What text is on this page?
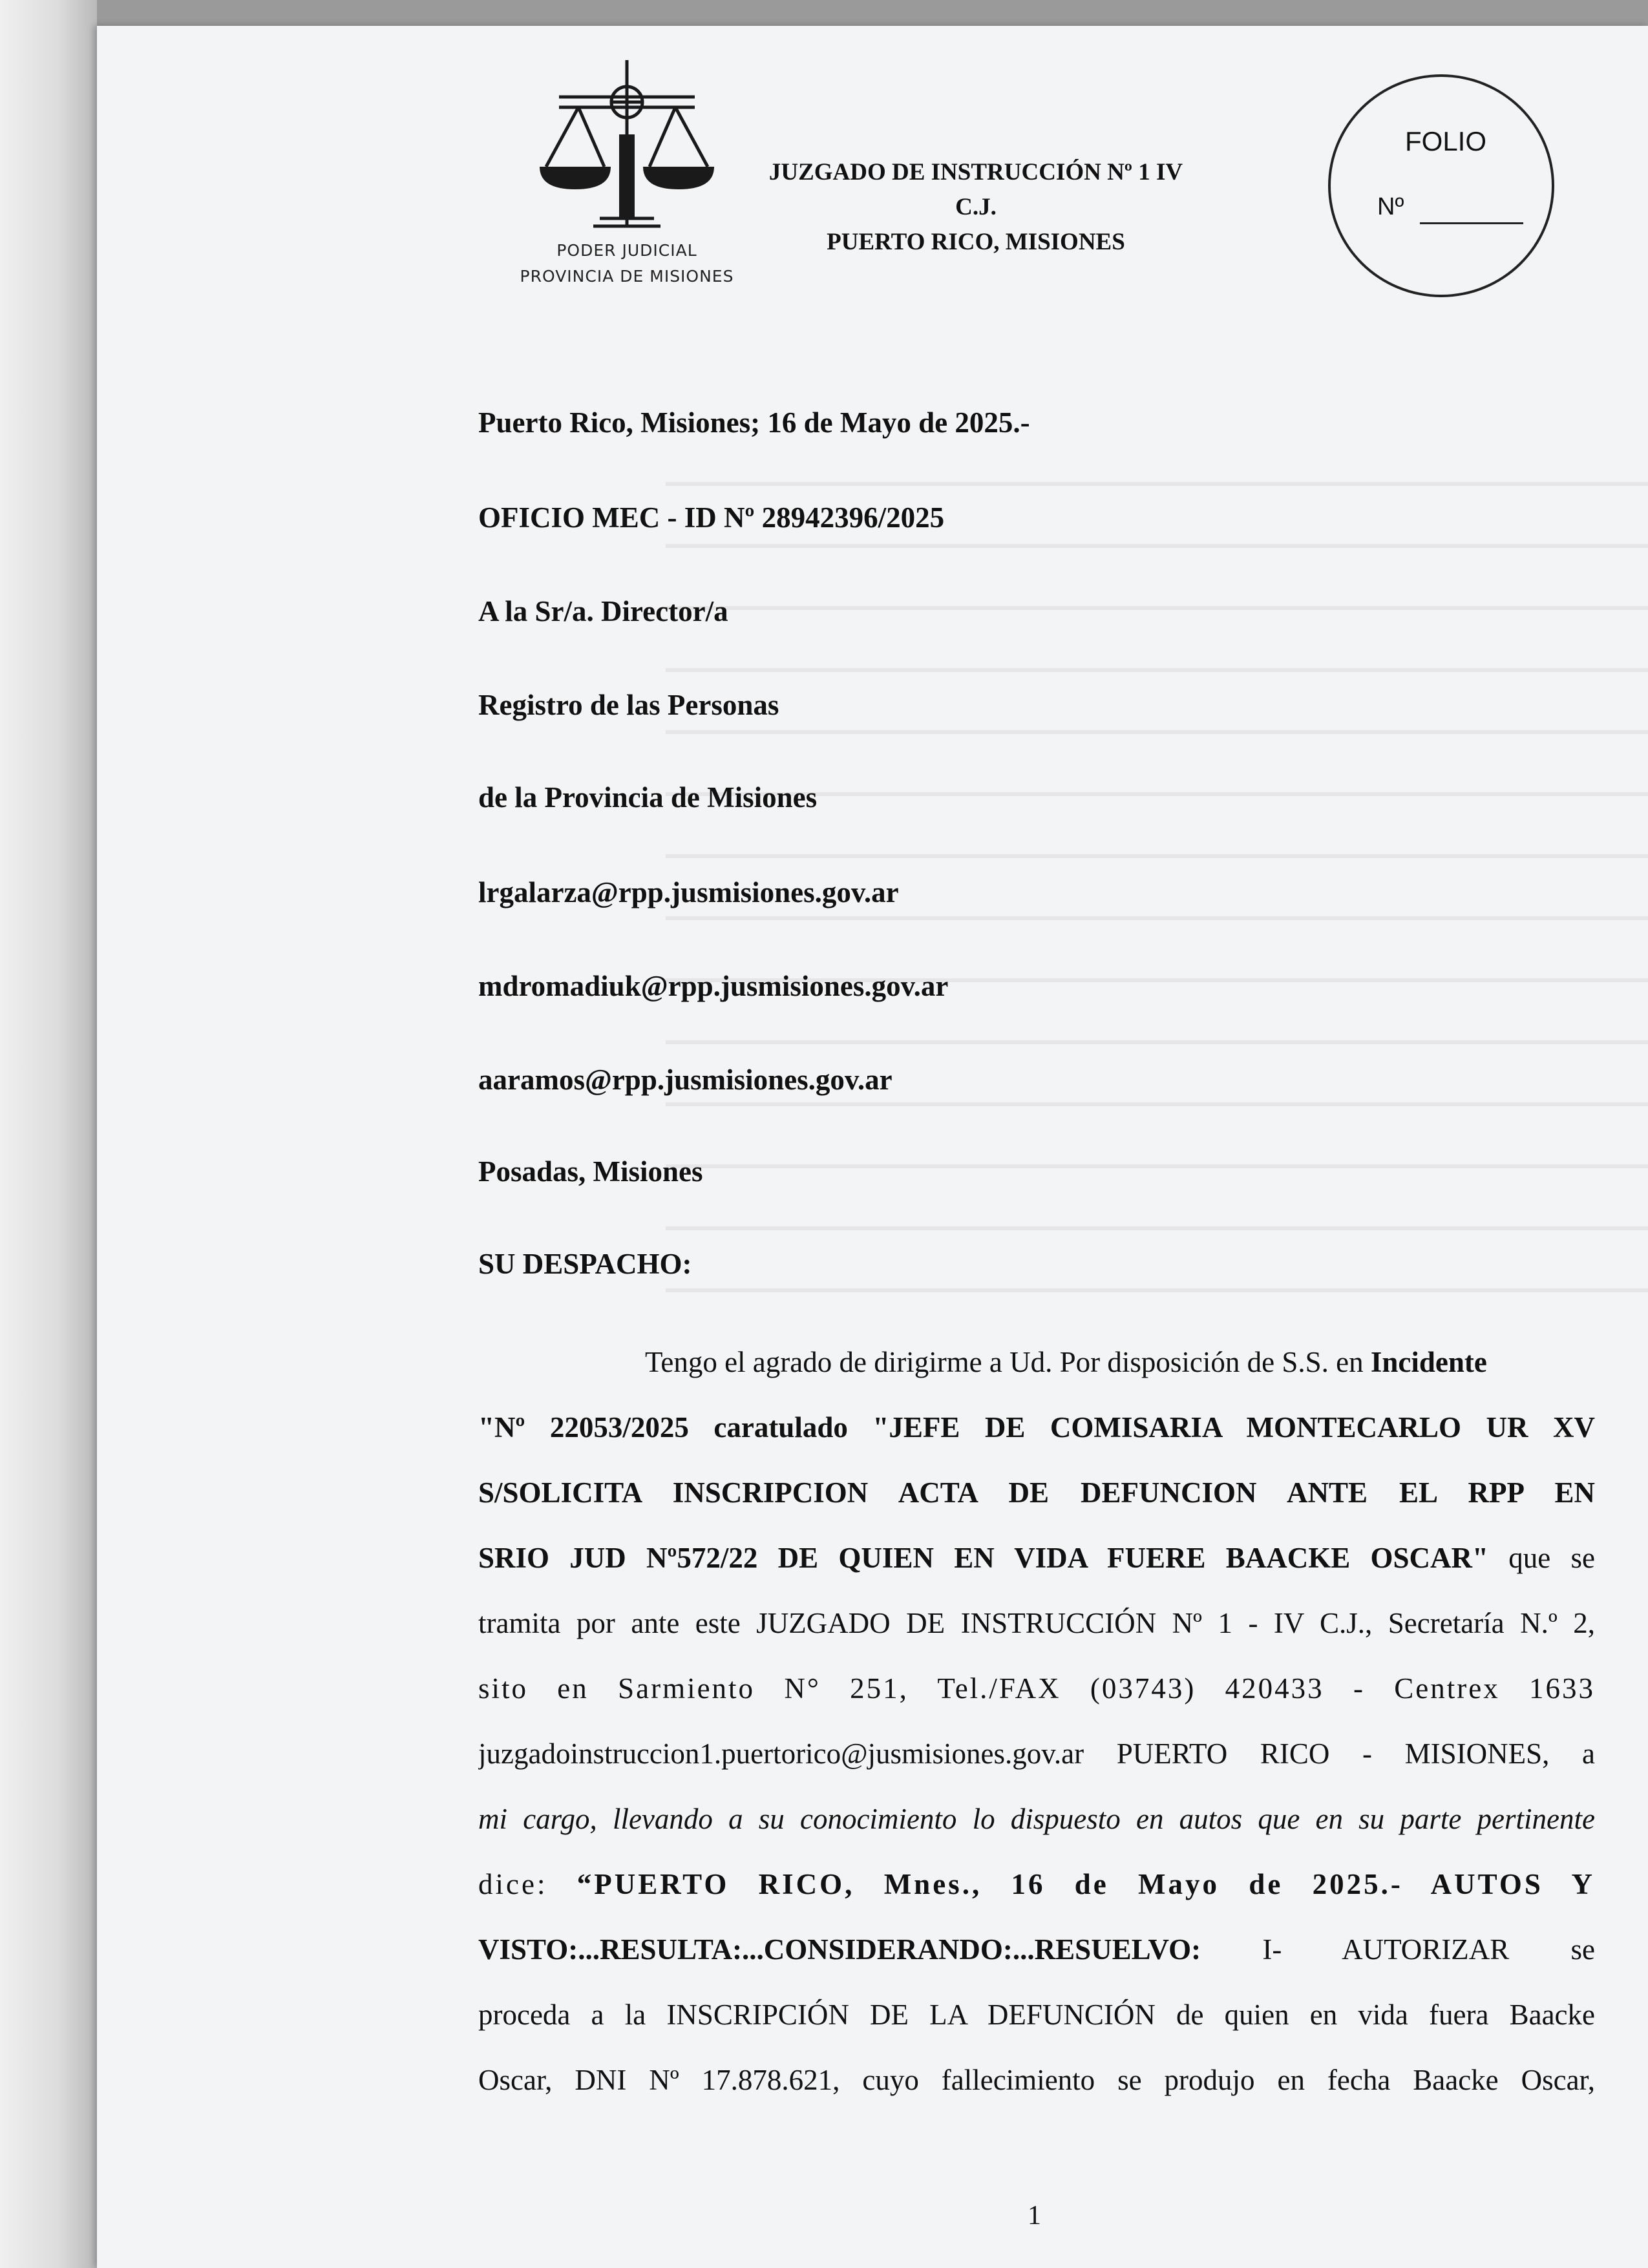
PODER JUDICIAL
PROVINCIA DE MISIONES
JUZGADO DE INSTRUCCIÓN Nº 1 IV C.J.
PUERTO RICO, MISIONES
FOLIO
Nº
Puerto Rico, Misiones; 16 de Mayo de 2025.-
OFICIO MEC - ID Nº 28942396/2025
A la Sr/a. Director/a
Registro de las Personas
de la Provincia de Misiones
lrgalarza@rpp.jusmisiones.gov.ar
mdromadiuk@rpp.jusmisiones.gov.ar
aaramos@rpp.jusmisiones.gov.ar
Posadas, Misiones
SU DESPACHO:
Tengo el agrado de dirigirme a Ud. Por disposición de S.S. en Incidente
"Nº 22053/2025 caratulado "JEFE DE COMISARIA MONTECARLO UR XV
S/SOLICITA INSCRIPCION ACTA DE DEFUNCION ANTE EL RPP EN
SRIO JUD Nº572/22 DE QUIEN EN VIDA FUERE BAACKE OSCAR" que se
tramita por ante este JUZGADO DE INSTRUCCIÓN Nº 1 - IV C.J., Secretaría N.º 2,
sito en Sarmiento N° 251, Tel./FAX (03743) 420433 - Centrex 1633
juzgadoinstruccion1.puertorico@jusmisiones.gov.ar PUERTO RICO - MISIONES, a
mi cargo, llevando a su conocimiento lo dispuesto en autos que en su parte pertinente
dice: “PUERTO RICO, Mnes., 16 de Mayo de 2025.- AUTOS Y
VISTO:...RESULTA:...CONSIDERANDO:...RESUELVO: I- AUTORIZAR se
proceda a la INSCRIPCIÓN DE LA DEFUNCIÓN de quien en vida fuera Baacke
Oscar, DNI Nº 17.878.621, cuyo fallecimiento se produjo en fecha Baacke Oscar,
1
